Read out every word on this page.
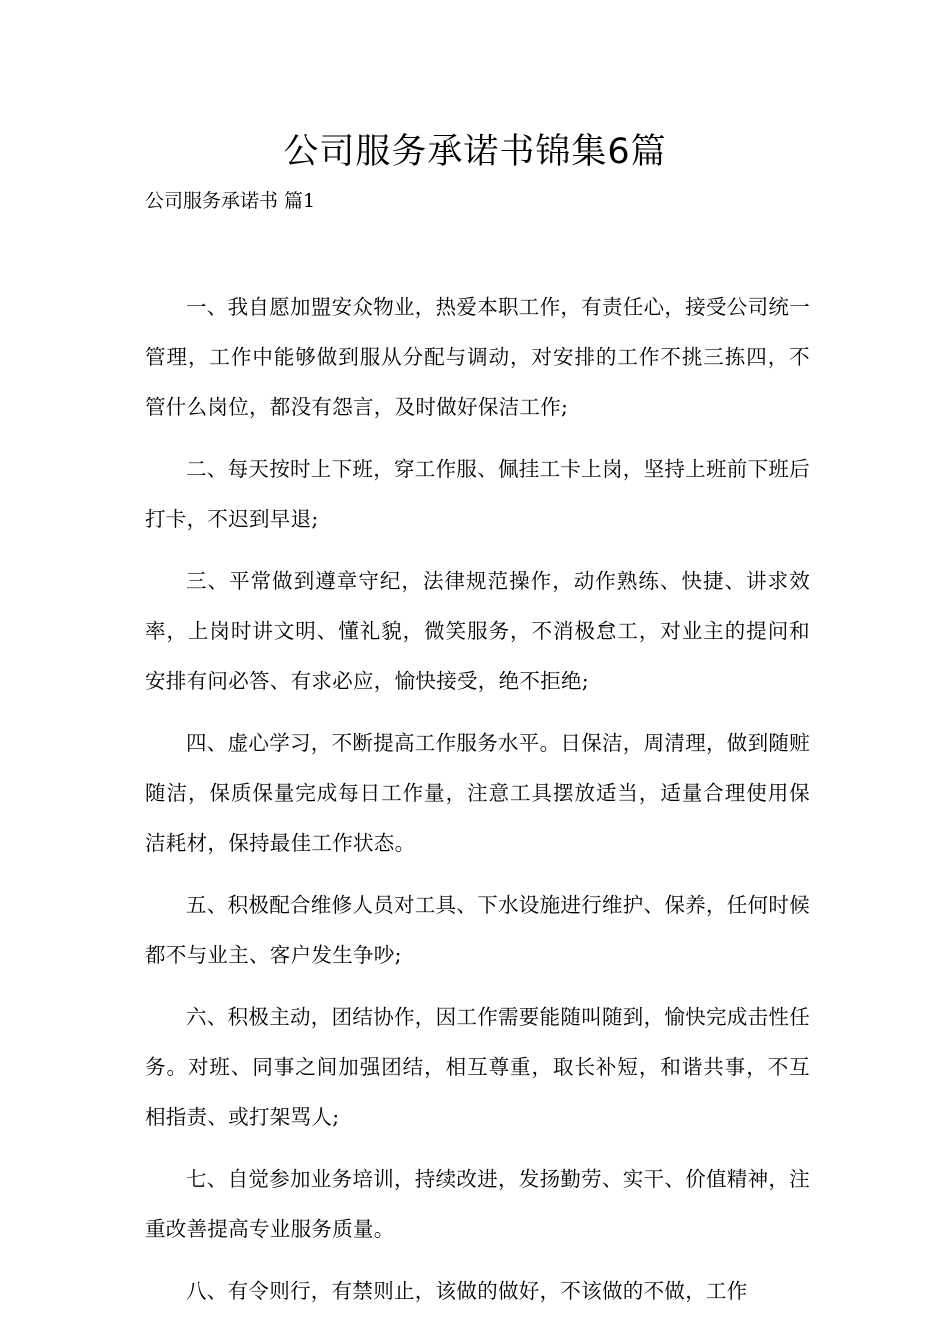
公司服务承诺书锦集6篇
公司服务承诺书 篇1

一、我自愿加盟安众物业，热爱本职工作，有责任心，接受公司统一管理，工作中能够做到服从分配与调动，对安排的工作不挑三拣四，不管什么岗位，都没有怨言，及时做好保洁工作;

二、每天按时上下班，穿工作服、佩挂工卡上岗，坚持上班前下班后打卡，不迟到早退;

三、平常做到遵章守纪，法律规范操作，动作熟练、快捷、讲求效率，上岗时讲文明、懂礼貌，微笑服务，不消极怠工，对业主的提问和安排有问必答、有求必应，愉快接受，绝不拒绝;

四、虚心学习，不断提高工作服务水平。日保洁，周清理，做到随赃随洁，保质保量完成每日工作量，注意工具摆放适当，适量合理使用保洁耗材，保持最佳工作状态。

五、积极配合维修人员对工具、下水设施进行维护、保养，任何时候都不与业主、客户发生争吵;

六、积极主动，团结协作，因工作需要能随叫随到，愉快完成击性任务。对班、同事之间加强团结，相互尊重，取长补短，和谐共事，不互相指责、或打架骂人;

七、自觉参加业务培训，持续改进，发扬勤劳、实干、价值精神，注重改善提高专业服务质量。

八、有令则行，有禁则止，该做的做好，不该做的不做，工作
